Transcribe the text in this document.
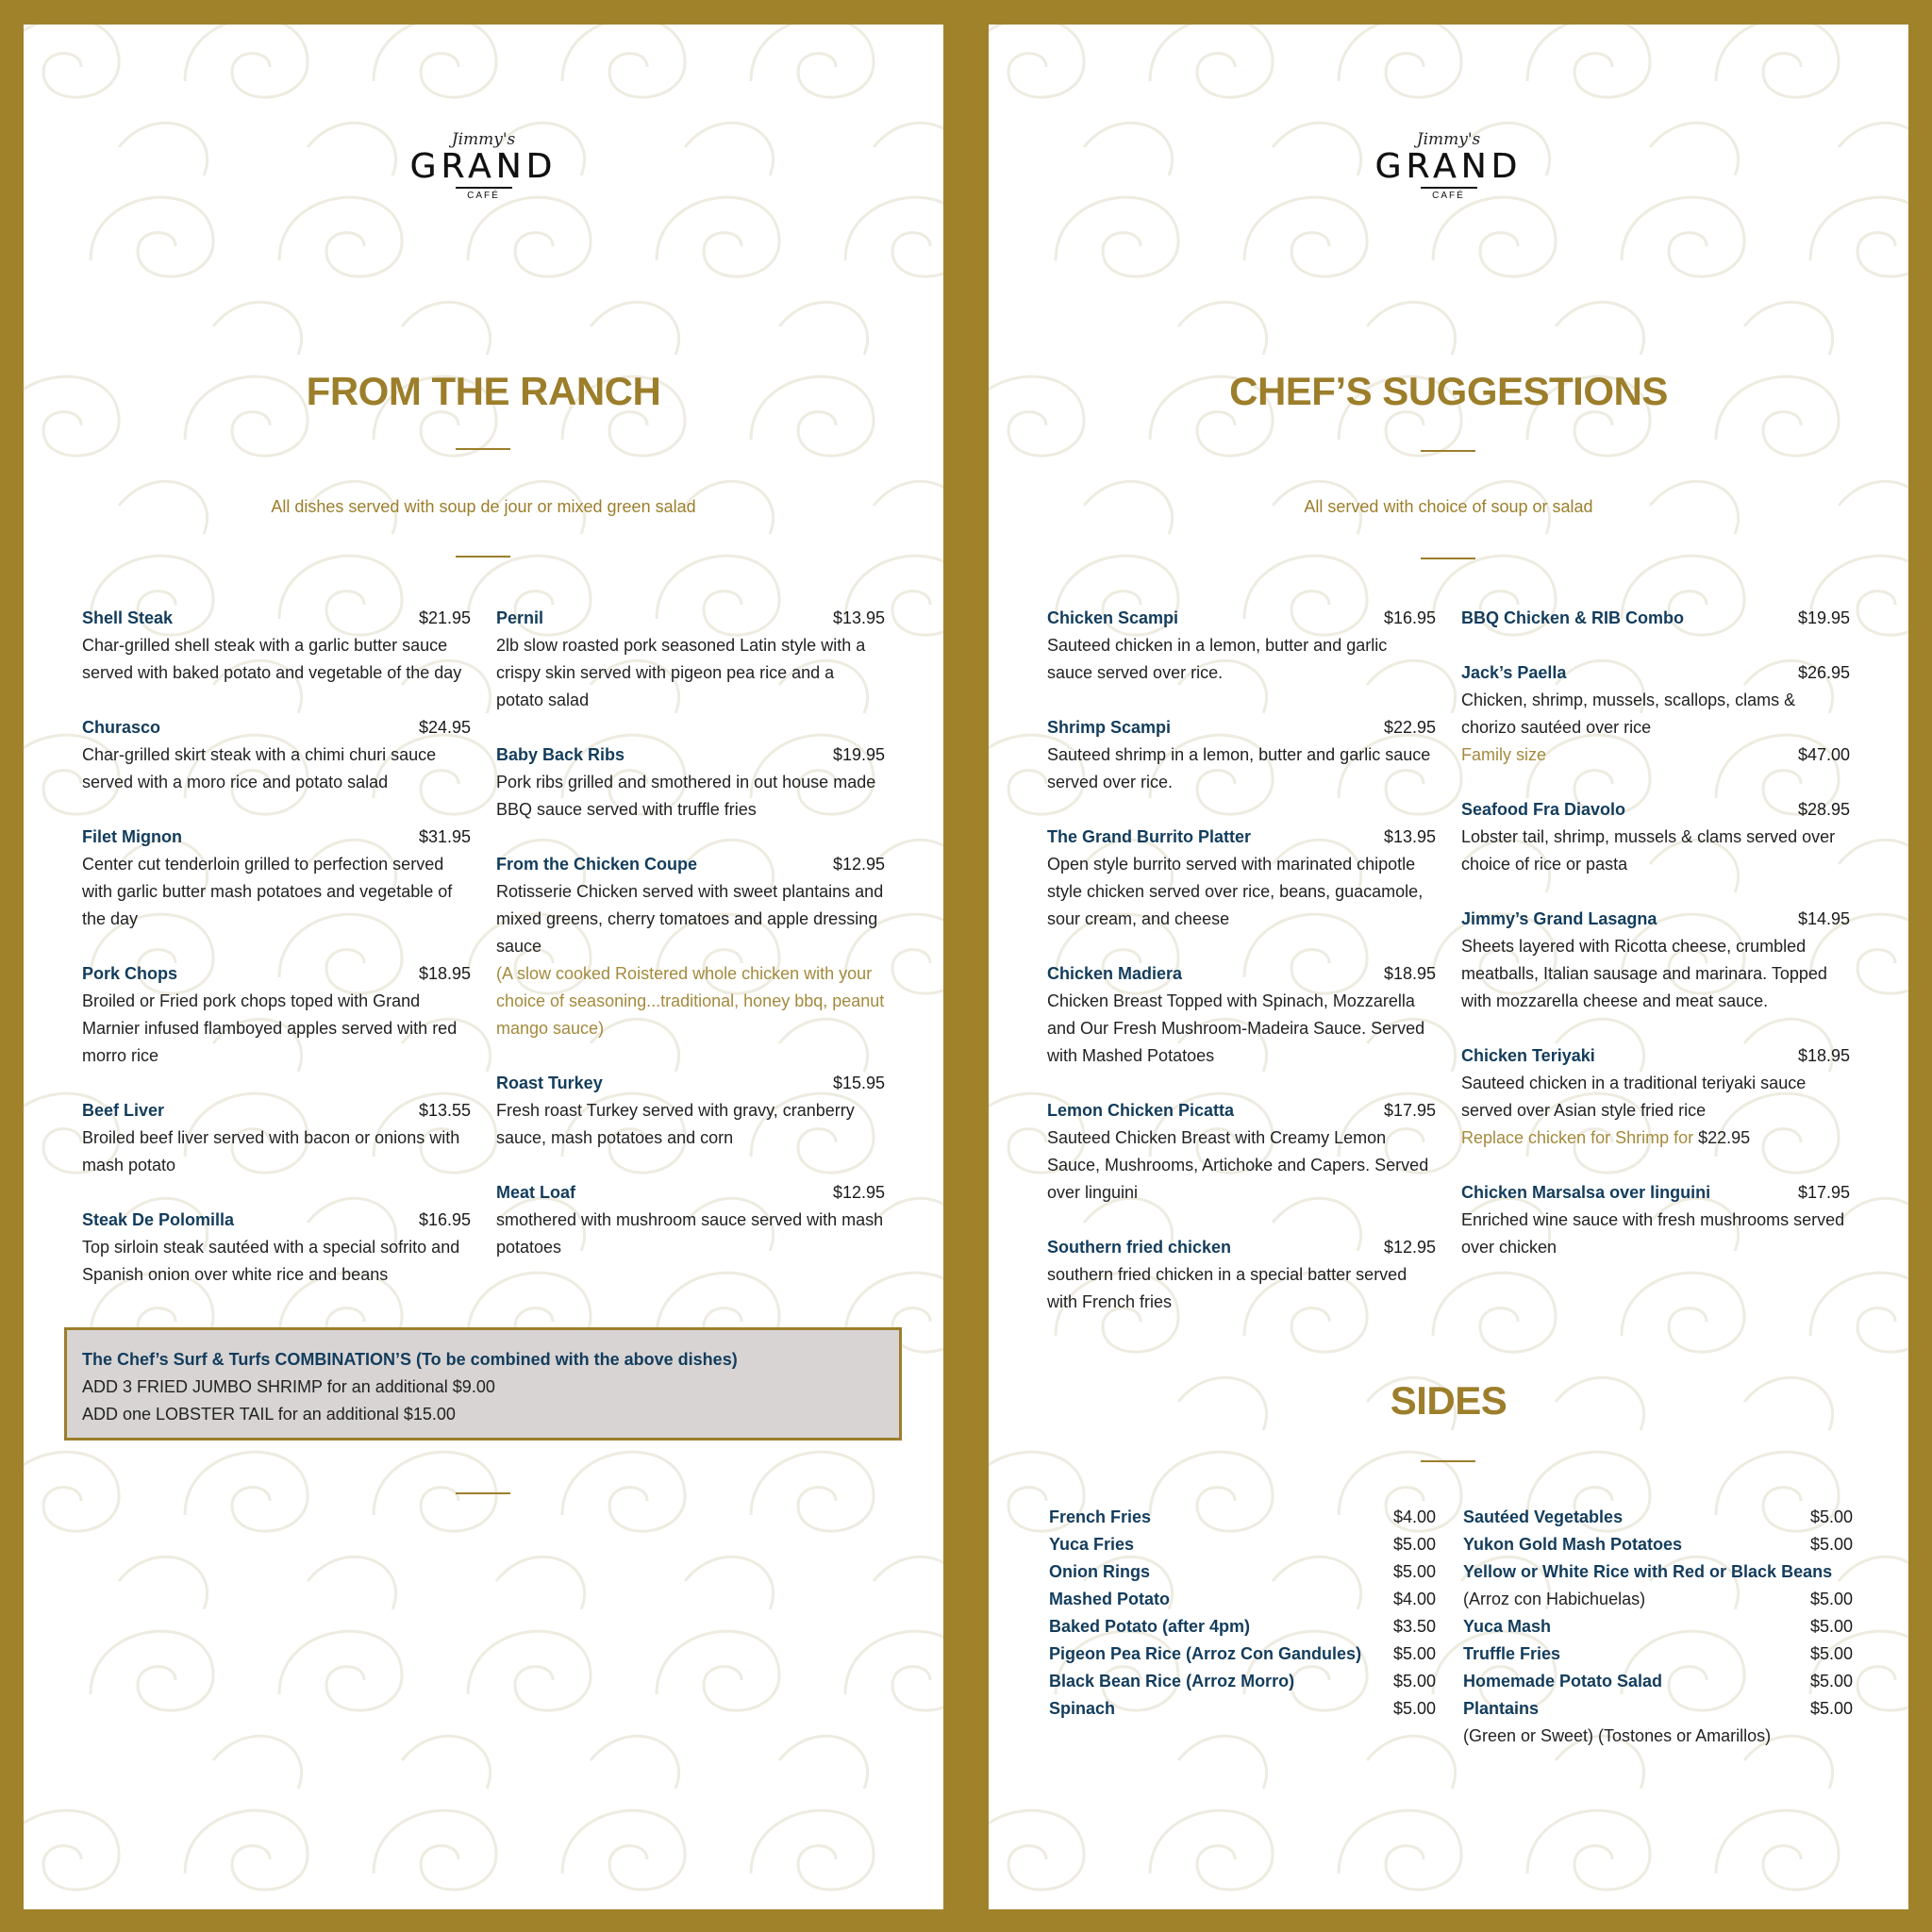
Jimmy's
GRAND
CAFÉ
FROM THE RANCH
All dishes served with soup de jour or mixed green salad
Shell Steak	$21.95
Char-grilled shell steak with a garlic butter sauce served with baked potato and vegetable of the day
Churasco	$24.95
Char-grilled skirt steak with a chimi churi sauce served with a moro rice and potato salad
Filet Mignon	$31.95
Center cut tenderloin grilled to perfection served with garlic butter mash potatoes and vegetable of the day
Pork Chops	$18.95
Broiled or Fried pork chops toped with Grand Marnier infused flamboyed apples served with red morro rice
Beef Liver	$13.55
Broiled beef liver served with bacon or onions with mash potato
Steak De Polomilla	$16.95
Top sirloin steak sautéed with a special sofrito and Spanish onion over white rice and beans
Pernil	$13.95
2lb slow roasted pork seasoned Latin style with a crispy skin served with pigeon pea rice and a potato salad
Baby Back Ribs	$19.95
Pork ribs grilled and smothered in out house made BBQ sauce served with truffle fries
From the Chicken Coupe	$12.95
Rotisserie Chicken served with sweet plantains and mixed greens, cherry tomatoes and apple dressing sauce
(A slow cooked Roistered whole chicken with your choice of seasoning...traditional, honey bbq, peanut mango sauce)
Roast Turkey	$15.95
Fresh roast Turkey served with gravy, cranberry sauce, mash potatoes and corn
Meat Loaf	$12.95
smothered with mushroom sauce served with mash potatoes
The Chef’s Surf & Turfs COMBINATION’S (To be combined with the above dishes)
ADD 3 FRIED JUMBO SHRIMP for an additional $9.00
ADD one LOBSTER TAIL for an additional $15.00
Jimmy's
GRAND
CAFÉ
CHEF’S SUGGESTIONS
All served with choice of soup or salad
Chicken Scampi	$16.95
Sauteed chicken in a lemon, butter and garlic sauce served over rice.
Shrimp Scampi	$22.95
Sauteed shrimp in a lemon, butter and garlic sauce served over rice.
The Grand Burrito Platter	$13.95
Open style burrito served with marinated chipotle style chicken served over rice, beans, guacamole, sour cream, and cheese
Chicken Madiera	$18.95
Chicken Breast Topped with Spinach, Mozzarella and Our Fresh Mushroom-Madeira Sauce. Served with Mashed Potatoes
Lemon Chicken Picatta	$17.95
Sauteed Chicken Breast with Creamy Lemon Sauce, Mushrooms, Artichoke and Capers. Served over linguini
Southern fried chicken	$12.95
southern fried chicken in a special batter served with French fries
BBQ Chicken & RIB Combo	$19.95
Jack’s Paella	$26.95
Chicken, shrimp, mussels, scallops, clams & chorizo sautéed over rice
Family size	$47.00
Seafood Fra Diavolo	$28.95
Lobster tail, shrimp, mussels & clams served over choice of rice or pasta
Jimmy’s Grand Lasagna	$14.95
Sheets layered with Ricotta cheese, crumbled meatballs, Italian sausage and marinara. Topped with mozzarella cheese and meat sauce.
Chicken Teriyaki	$18.95
Sauteed chicken in a traditional teriyaki sauce served over Asian style fried rice
Replace chicken for Shrimp for $22.95
Chicken Marsalsa over linguini	$17.95
Enriched wine sauce with fresh mushrooms served over chicken
SIDES
French Fries	$4.00
Yuca Fries	$5.00
Onion Rings	$5.00
Mashed Potato	$4.00
Baked Potato (after 4pm)	$3.50
Pigeon Pea Rice (Arroz Con Gandules) $5.00
Black Bean Rice (Arroz Morro)	$5.00
Spinach	$5.00
Sautéed Vegetables	$5.00
Yukon Gold Mash Potatoes	$5.00
Yellow or White Rice with Red or Black Beans
(Arroz con Habichuelas)	$5.00
Yuca Mash	$5.00
Truffle Fries	$5.00
Homemade Potato Salad	$5.00
Plantains	$5.00
(Green or Sweet) (Tostones or Amarillos)
